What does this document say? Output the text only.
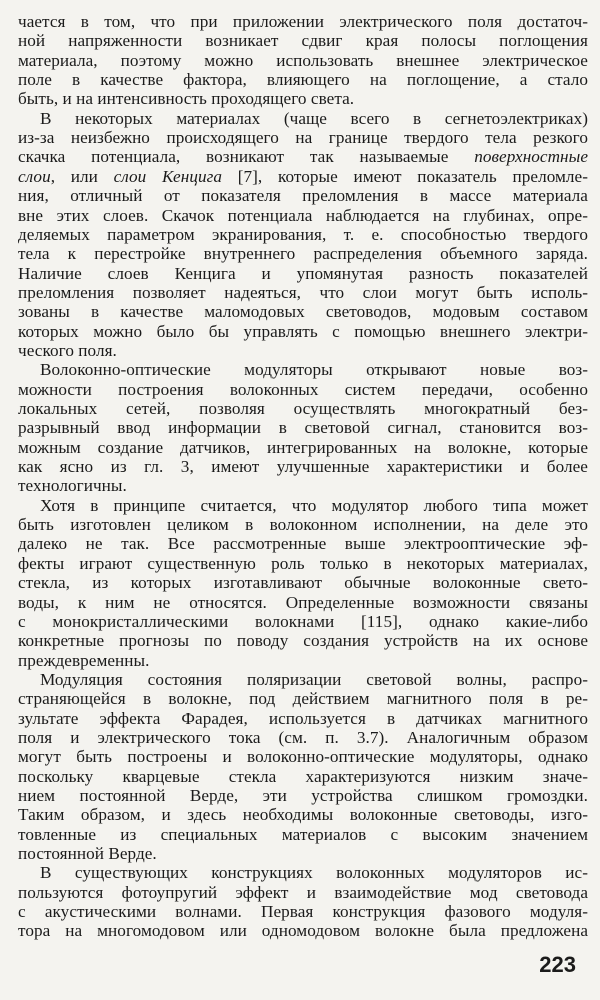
чается в том, что при приложении электрического поля достаточ-
ной напряженности возникает сдвиг края полосы поглощения
материала, поэтому можно использовать внешнее электрическое
поле в качестве фактора, влияющего на поглощение, а стало
быть, и на интенсивность проходящего света.
В некоторых материалах (чаще всего в сегнетоэлектриках)
из-за неизбежно происходящего на границе твердого тела резкого
скачка потенциала, возникают так называемые поверхностные
слои, или слои Кенцига [7], которые имеют показатель преломле-
ния, отличный от показателя преломления в массе материала
вне этих слоев. Скачок потенциала наблюдается на глубинах, опре-
деляемых параметром экранирования, т. е. способностью твердого
тела к перестройке внутреннего распределения объемного заряда.
Наличие слоев Кенцига и упомянутая разность показателей
преломления позволяет надеяться, что слои могут быть исполь-
зованы в качестве маломодовых световодов, модовым составом
которых можно было бы управлять с помощью внешнего электри-
ческого поля.
Волоконно-оптические модуляторы открывают новые воз-
можности построения волоконных систем передачи, особенно
локальных сетей, позволяя осуществлять многократный без-
разрывный ввод информации в световой сигнал, становится воз-
можным создание датчиков, интегрированных на волокне, которые
как ясно из гл. 3, имеют улучшенные характеристики и более
технологичны.
Хотя в принципе считается, что модулятор любого типа может
быть изготовлен целиком в волоконном исполнении, на деле это
далеко не так. Все рассмотренные выше электрооптические эф-
фекты играют существенную роль только в некоторых материалах,
стекла, из которых изготавливают обычные волоконные свето-
воды, к ним не относятся. Определенные возможности связаны
с монокристаллическими волокнами [115], однако какие-либо
конкретные прогнозы по поводу создания устройств на их основе
преждевременны.
Модуляция состояния поляризации световой волны, распро-
страняющейся в волокне, под действием магнитного поля в ре-
зультате эффекта Фарадея, используется в датчиках магнитного
поля и электрического тока (см. п. 3.7). Аналогичным образом
могут быть построены и волоконно-оптические модуляторы, однако
поскольку кварцевые стекла характеризуются низким значе-
нием постоянной Верде, эти устройства слишком громоздки.
Таким образом, и здесь необходимы волоконные световоды, изго-
товленные из специальных материалов с высоким значением
постоянной Верде.
В существующих конструкциях волоконных модуляторов ис-
пользуются фотоупругий эффект и взаимодействие мод световода
с акустическими волнами. Первая конструкция фазового модуля-
тора на многомодовом или одномодовом волокне была предложена
223
